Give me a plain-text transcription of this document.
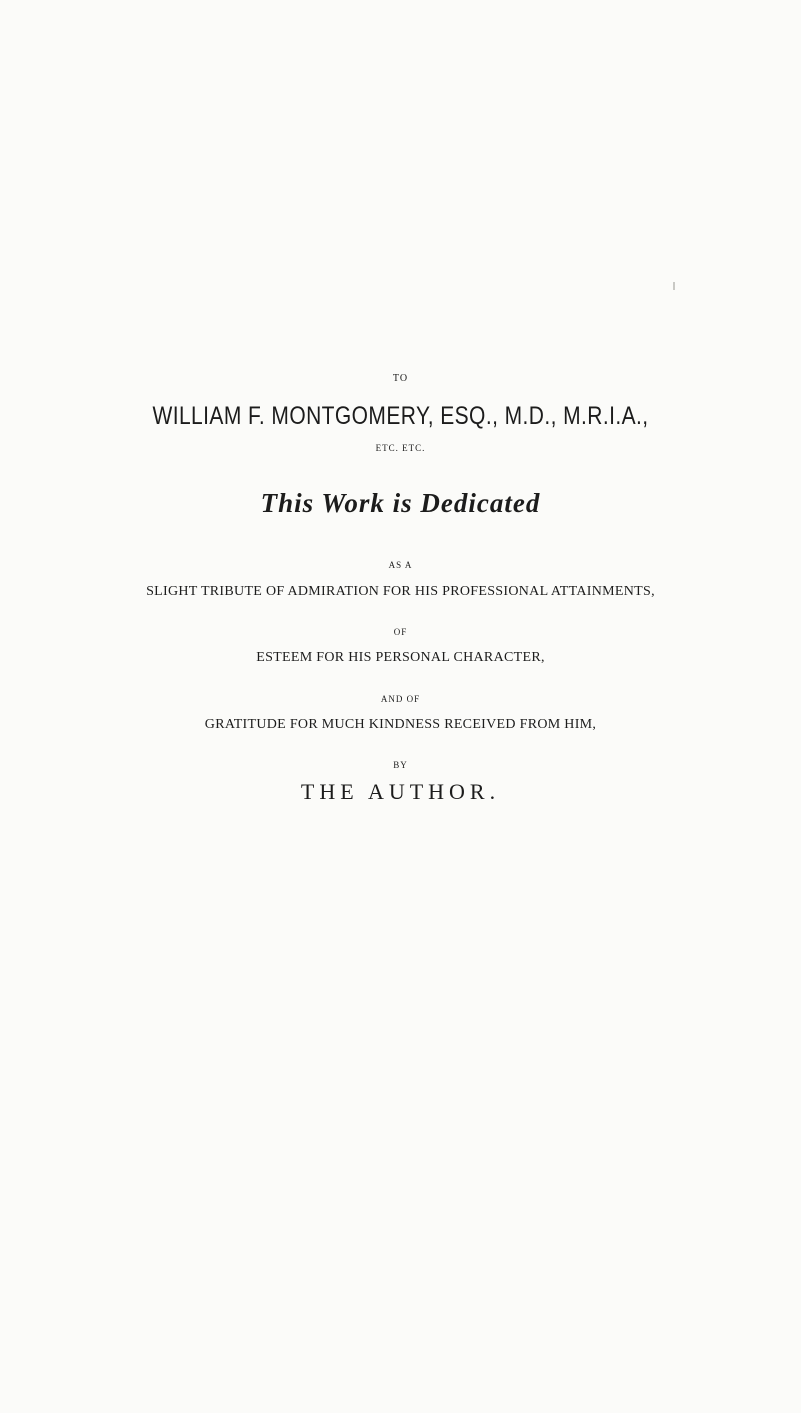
TO
WILLIAM F. MONTGOMERY, ESQ., M.D., M.R.I.A.,
ETC. ETC.
This Work is Dedicated
AS A
SLIGHT TRIBUTE OF ADMIRATION FOR HIS PROFESSIONAL ATTAINMENTS,
OF
ESTEEM FOR HIS PERSONAL CHARACTER,
AND OF
GRATITUDE FOR MUCH KINDNESS RECEIVED FROM HIM,
BY
THE AUTHOR.
